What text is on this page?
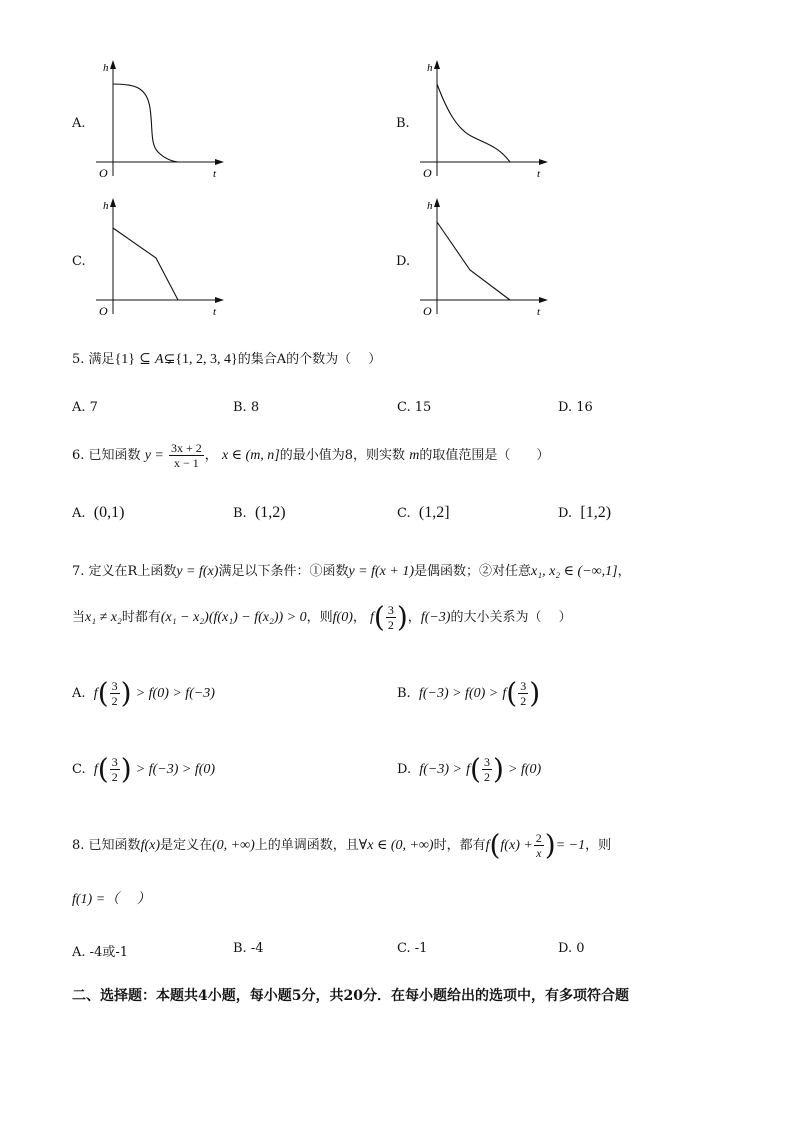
A.
h
t
O
B.
h
t
O
C.
h
t
O
D.
h
t
O
5. 满足{1} ⊆ A⊊{1, 2, 3, 4}的集合A的个数为（　 ）
A. 7	B. 8	C. 15	D. 16
6. 已知函数 $y = \frac{3x + 2}{x - 1}$ ， x ∈ (m, n]的最小值为8，则实数 m的取值范围是（　　）
A. (0,1)	B. (1,2)	C. (1,2]	D. [1,2)
7. 定义在R上函数y = f(x)满足以下条件：①函数y = f(x + 1)是偶函数；②对任意x₁, x₂ ∈ (−∞,1]，
当x₁ ≠ x₂时都有(x₁ − x₂)(f(x₁) − f(x₂)) > 0，则f(0)， $f( \frac{3}{2}$ )，f(−3)的大小关系为（　 ）
A. $f( \frac{3}{2}$ ) > f(0) > f(−3)	B. $f(-3) > f(0) > f( \frac{3}{2}$ )
C. $f( \frac{3}{2}$ ) > f(−3) > f(0)	D. $f(-3) > f( \frac{3}{2}$ ) > f(0)
8. 已知函数f(x)是定义在(0, +∞)上的单调函数，且∀x ∈ (0, +∞)时，都有$f(f(x) + \frac{2}{x}$ )= −1，则
f(1) =（　 ）
A. -4或-1	B. -4	C. -1	D. 0
二、选择题：本题共4小题，每小题5分，共20分．在每小题给出的选项中，有多项符合题
